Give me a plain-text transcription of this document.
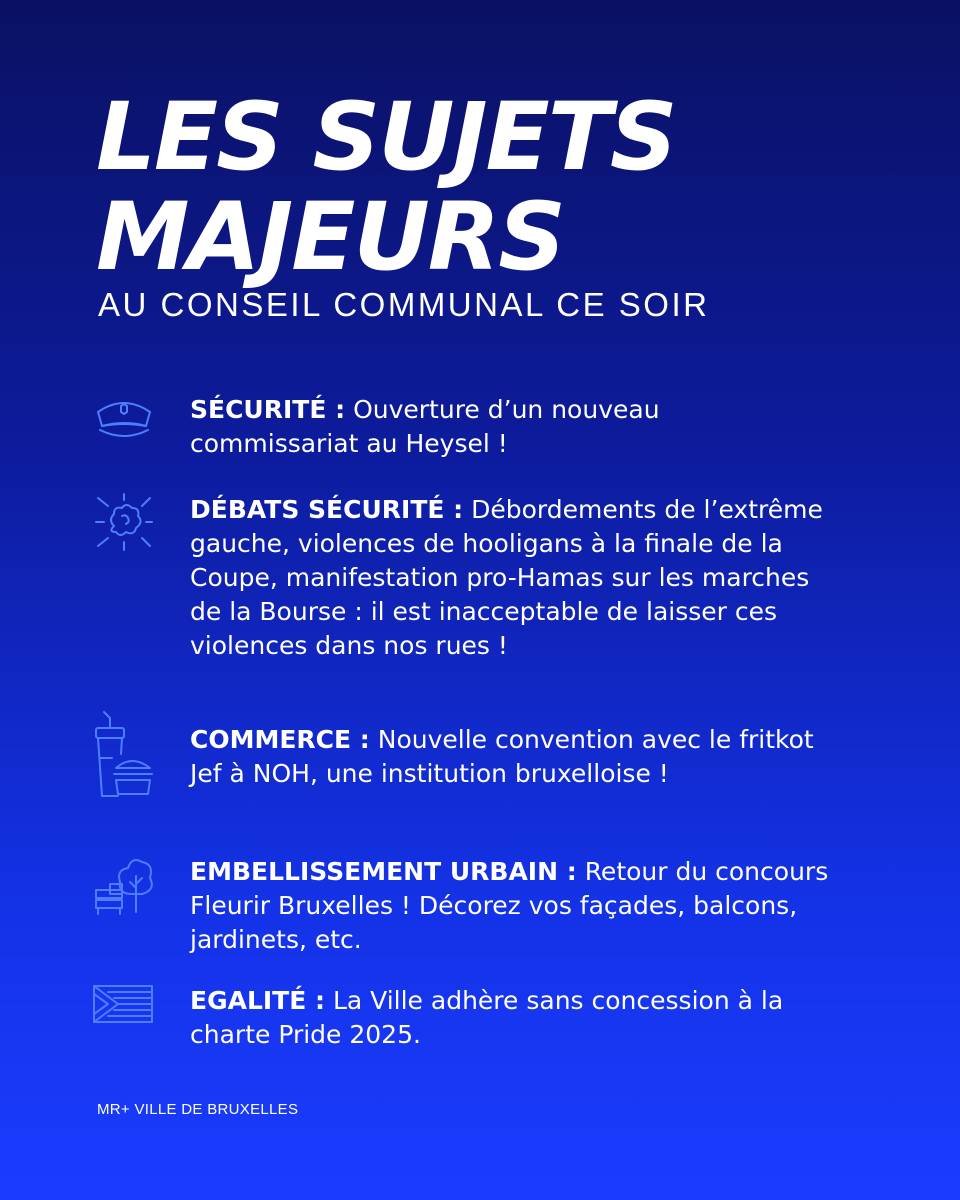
LES SUJETS
MAJEURS
AU CONSEIL COMMUNAL CE SOIR
SÉCURITÉ : Ouverture d’un nouveau commissariat au Heysel !
DÉBATS SÉCURITÉ : Débordements de l’extrême gauche, violences de hooligans à la finale de la Coupe, manifestation pro-Hamas sur les marches de la Bourse : il est inacceptable de laisser ces violences dans nos rues !
COMMERCE : Nouvelle convention avec le fritkot Jef à NOH, une institution bruxelloise !
EMBELLISSEMENT URBAIN : Retour du concours Fleurir Bruxelles ! Décorez vos façades, balcons, jardinets, etc.
EGALITÉ : La Ville adhère sans concession à la charte Pride 2025.
MR+ VILLE DE BRUXELLES
